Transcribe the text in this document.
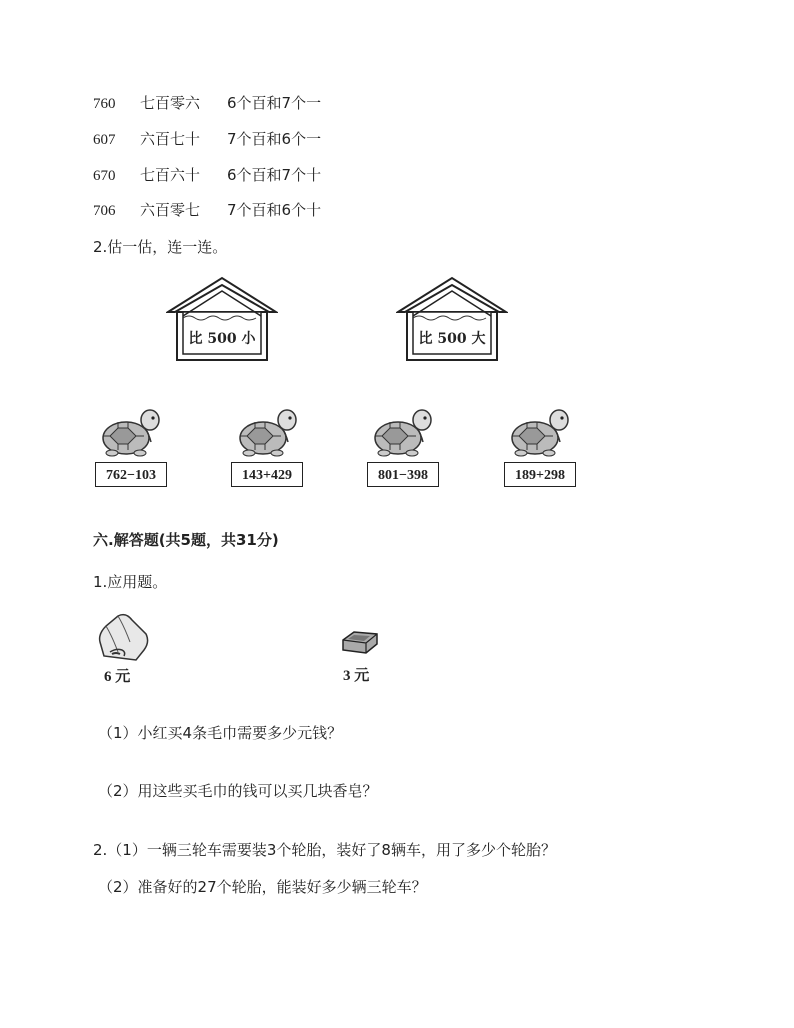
760 七百零六 6个百和7个一
607 六百七十 7个百和6个一
670 七百六十 6个百和7个十
706 六百零七 7个百和6个十
2.估一估，连一连。
比 500 小	比 500 大
762−103	143+429	801−398	189+298
六.解答题(共5题，共31分)
1.应用题。
6 元	3 元
（1）小红买4条毛巾需要多少元钱？
（2）用这些买毛巾的钱可以买几块香皂？
2.（1）一辆三轮车需要装3个轮胎，装好了8辆车，用了多少个轮胎？
（2）准备好的27个轮胎，能装好多少辆三轮车？
